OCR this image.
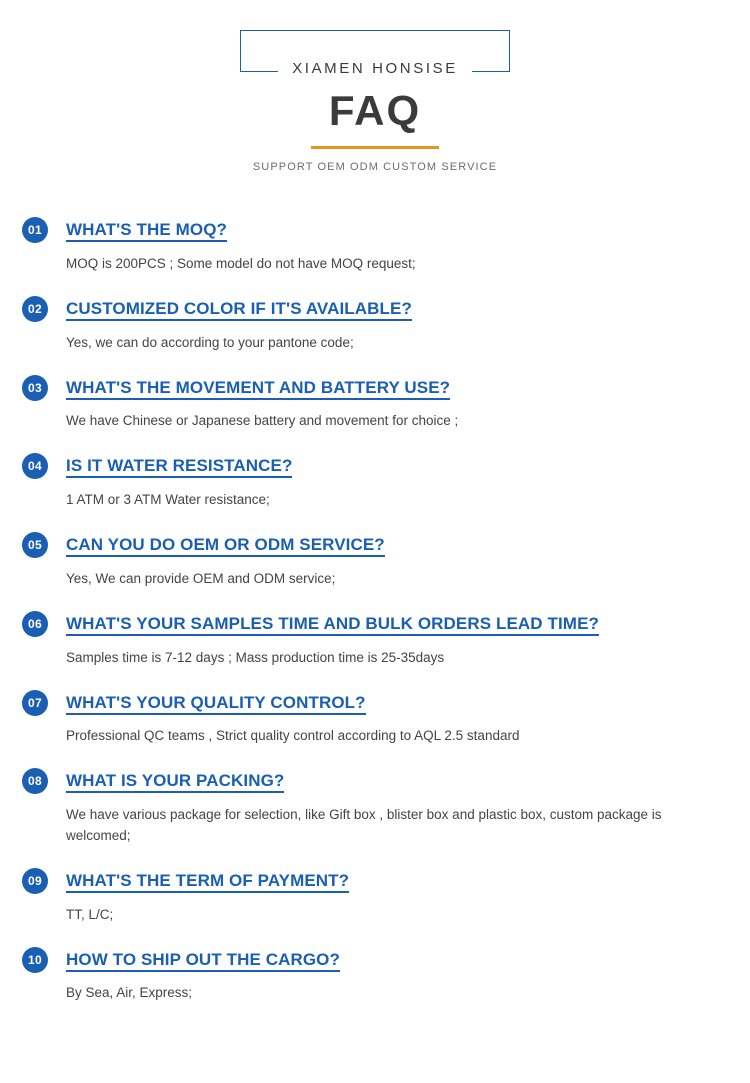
XIAMEN HONSISE
FAQ
SUPPORT OEM ODM CUSTOM SERVICE
01	WHAT'S THE MOQ?
MOQ is 200PCS ; Some model do not have MOQ request;
02	CUSTOMIZED COLOR IF IT'S AVAILABLE?
Yes, we can do according to your pantone code;
03	WHAT'S THE MOVEMENT AND BATTERY USE?
We have Chinese or Japanese battery and movement for choice ;
04	IS IT WATER RESISTANCE?
1 ATM or 3 ATM Water resistance;
05	CAN YOU DO OEM OR ODM SERVICE?
Yes, We can provide OEM and ODM service;
06	WHAT'S YOUR SAMPLES TIME AND BULK ORDERS LEAD TIME?
Samples time is 7-12 days ; Mass production time is 25-35days
07	WHAT'S YOUR QUALITY CONTROL?
Professional QC teams , Strict quality control according to AQL 2.5 standard
08	WHAT IS YOUR PACKING?
We have various package for selection, like Gift box , blister box and plastic box, custom package is welcomed;
09	WHAT'S THE TERM OF PAYMENT?
TT, L/C;
10	HOW TO SHIP OUT THE CARGO?
By Sea, Air, Express;
